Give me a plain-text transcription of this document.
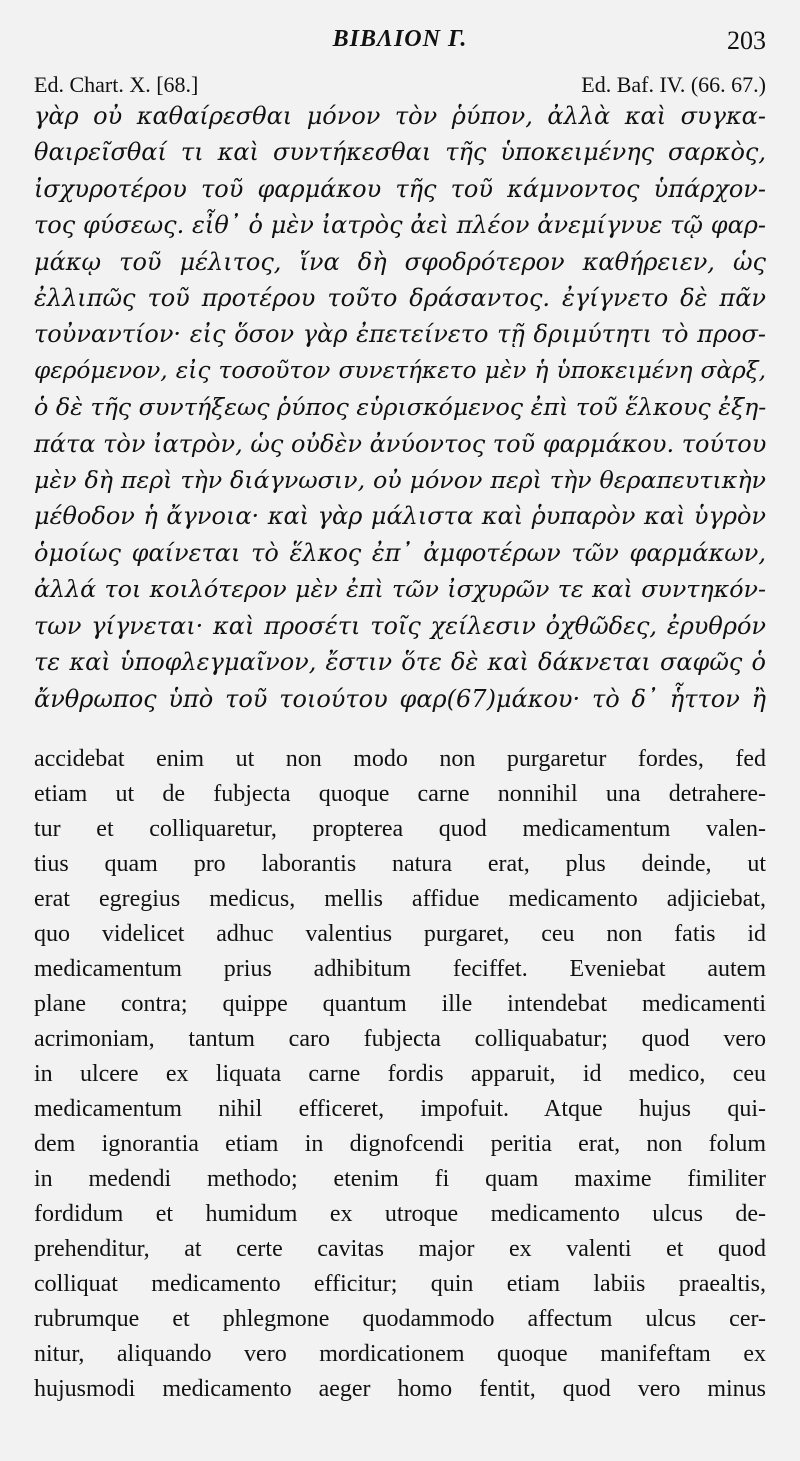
ΒΙΒΛΙΟΝ Γ.	203
Ed. Chart. X. [68.]	Ed. Baf. IV. (66. 67.)
γὰρ οὐ καθαίρεσθαι μόνον τὸν ῥύπον, ἀλλὰ καὶ συγκα-
θαιρεῖσθαί τι καὶ συντήκεσθαι τῆς ὑποκειμένης σαρκὸς,
ἰσχυροτέρου τοῦ φαρμάκου τῆς τοῦ κάμνοντος ὑπάρχον-
τος φύσεως. εἶθ᾽ ὁ μὲν ἰατρὸς ἀεὶ πλέον ἀνεμίγνυε τῷ φαρ-
μάκῳ τοῦ μέλιτος, ἵνα δὴ σφοδρότερον καθήρειεν, ὡς
ἐλλιπῶς τοῦ προτέρου τοῦτο δράσαντος. ἐγίγνετο δὲ πᾶν
τοὐναντίον· εἰς ὅσον γὰρ ἐπετείνετο τῇ δριμύτητι τὸ προσ-
φερόμενον, εἰς τοσοῦτον συνετήκετο μὲν ἡ ὑποκειμένη σὰρξ,
ὁ δὲ τῆς συντήξεως ῥύπος εὑρισκόμενος ἐπὶ τοῦ ἕλκους ἐξη-
πάτα τὸν ἰατρὸν, ὡς οὐδὲν ἀνύοντος τοῦ φαρμάκου. τούτου
μὲν δὴ περὶ τὴν διάγνωσιν, οὐ μόνον περὶ τὴν θεραπευτικὴν
μέθοδον ἡ ἄγνοια· καὶ γὰρ μάλιστα καὶ ῥυπαρὸν καὶ ὑγρὸν
ὁμοίως φαίνεται τὸ ἕλκος ἐπ᾽ ἀμφοτέρων τῶν φαρμάκων,
ἀλλά τοι κοιλότερον μὲν ἐπὶ τῶν ἰσχυρῶν τε καὶ συντηκόν-
των γίγνεται· καὶ προσέτι τοῖς χείλεσιν ὀχθῶδες, ἐρυθρόν
τε καὶ ὑποφλεγμαῖνον, ἔστιν ὅτε δὲ καὶ δάκνεται σαφῶς ὁ
ἄνθρωπος ὑπὸ τοῦ τοιούτου φαρ(67)μάκου· τὸ δ᾽ ἧττον ἢ
accidebat enim ut non modo non purgaretur fordes, fed
etiam ut de fubjecta quoque carne nonnihil una detrahere-
tur et colliquaretur, propterea quod medicamentum valen-
tius quam pro laborantis natura erat, plus deinde, ut
erat egregius medicus, mellis affidue medicamento adjiciebat,
quo videlicet adhuc valentius purgaret, ceu non fatis id
medicamentum prius adhibitum feciffet. Eveniebat autem
plane contra; quippe quantum ille intendebat medicamenti
acrimoniam, tantum caro fubjecta colliquabatur; quod vero
in ulcere ex liquata carne fordis apparuit, id medico, ceu
medicamentum nihil efficeret, impofuit. Atque hujus qui-
dem ignorantia etiam in dignofcendi peritia erat, non folum
in medendi methodo; etenim fi quam maxime fimiliter
fordidum et humidum ex utroque medicamento ulcus de-
prehenditur, at certe cavitas major ex valenti et quod
colliquat medicamento efficitur; quin etiam labiis praealtis,
rubrumque et phlegmone quodammodo affectum ulcus cer-
nitur, aliquando vero mordicationem quoque manifeftam ex
hujusmodi medicamento aeger homo fentit, quod vero minus
